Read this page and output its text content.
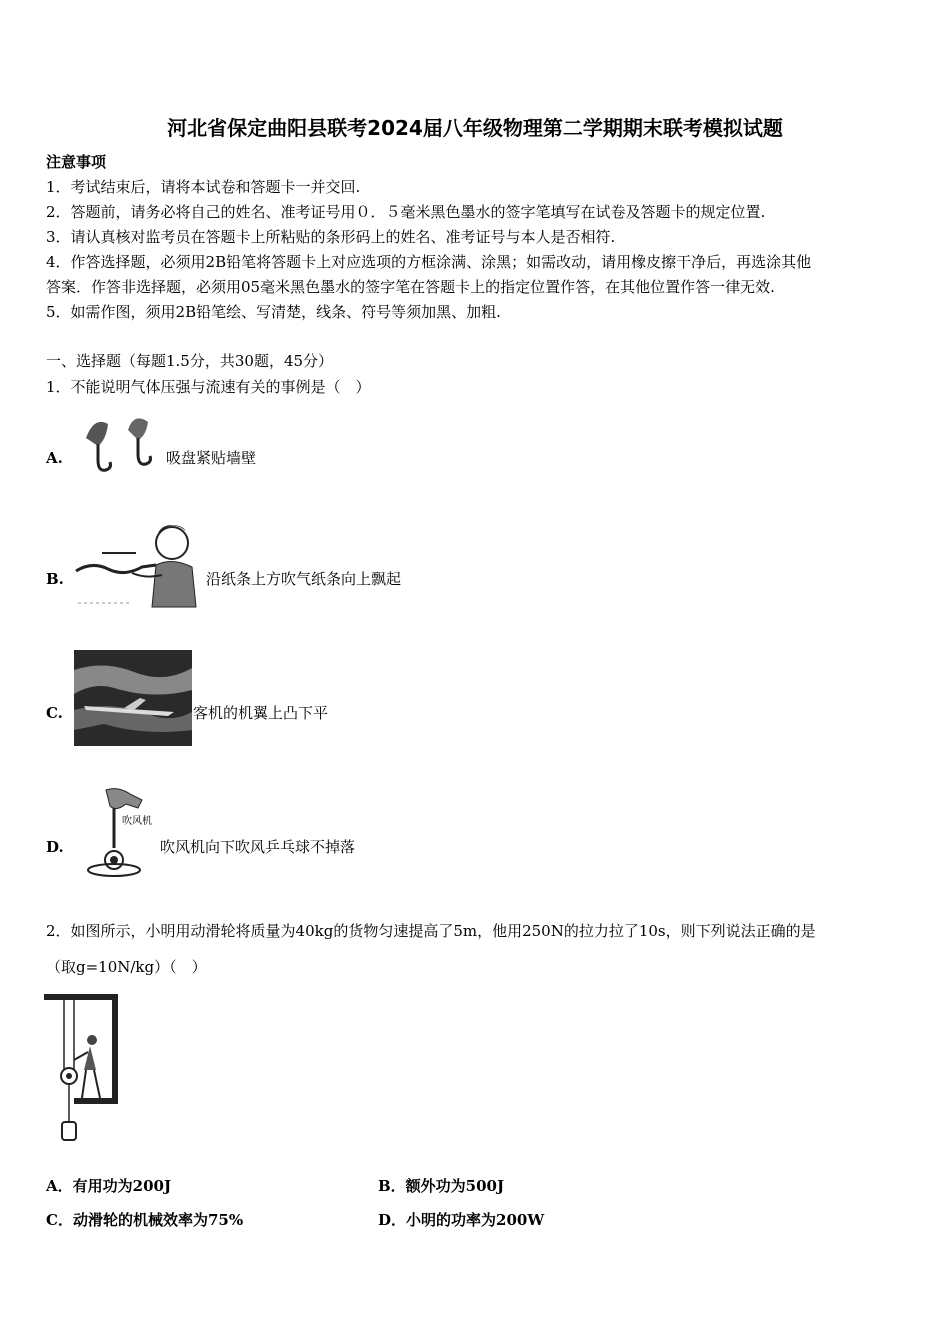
河北省保定曲阳县联考2024届八年级物理第二学期期末联考模拟试题
注意事项
1．考试结束后，请将本试卷和答题卡一并交回.
2．答题前，请务必将自己的姓名、准考证号用０．５毫米黑色墨水的签字笔填写在试卷及答题卡的规定位置.
3．请认真核对监考员在答题卡上所粘贴的条形码上的姓名、准考证号与本人是否相符.
4．作答选择题，必须用2B铅笔将答题卡上对应选项的方框涂满、涂黑；如需改动，请用橡皮擦干净后，再选涂其他
答案．作答非选择题，必须用05毫米黑色墨水的签字笔在答题卡上的指定位置作答，在其他位置作答一律无效.
5．如需作图，须用2B铅笔绘、写清楚，线条、符号等须加黑、加粗.
一、选择题（每题1.5分，共30题，45分）
1．不能说明气体压强与流速有关的事例是（　）
A.	吸盘紧贴墙壁
B.	沿纸条上方吹气纸条向上飘起
C.	客机的机翼上凸下平
D.
吹风机
吹风机向下吹风乒乓球不掉落
2．如图所示，小明用动滑轮将质量为40kg的货物匀速提高了5m，他用250N的拉力拉了10s，则下列说法正确的是
（取g=10N/kg）（　）
A．有用功为200J	B．额外功为500J
C．动滑轮的机械效率为75%	D．小明的功率为200W
